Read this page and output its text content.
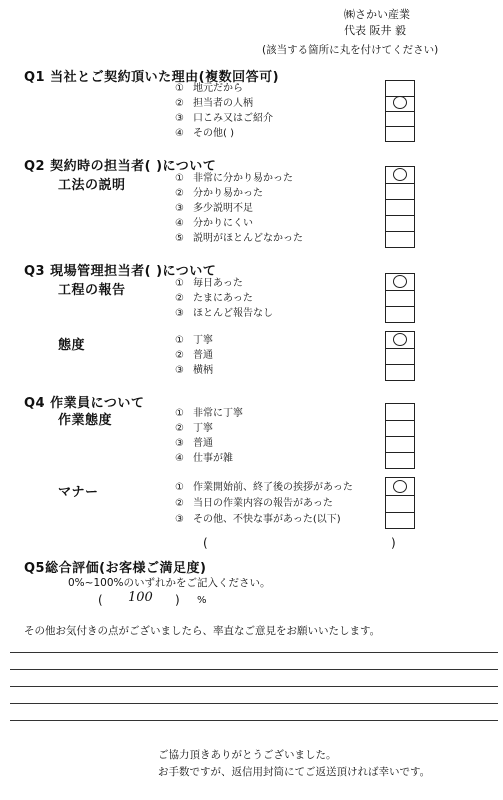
㈱さかい産業
代表 阪井 毅
(該当する箇所に丸を付けてください)
Q1 当社とご契約頂いた理由(複数回答可)
① 地元だから
② 担当者の人柄
③ 口こみ又はご紹介
④ その他( )
Q2 契約時の担当者( )について
工法の説明	① 非常に分かり易かった
② 分かり易かった
③ 多少説明不足
④ 分かりにくい
⑤ 説明がほとんどなかった
Q3 現場管理担当者( )について
工程の報告	① 毎日あった
② たまにあった
③ ほとんど報告なし
態度	① 丁寧
② 普通
③ 横柄
Q4 作業員について
作業態度	① 非常に丁寧
② 丁寧
③ 普通
④ 仕事が雑
マナー	① 作業開始前、終了後の挨拶があった
② 当日の作業内容の報告があった
③ その他、不快な事があった(以下)
(	)
Q5総合評価(お客様ご満足度)
0%~100%のいずれかをご記入ください。
( 100 ) %
その他お気付きの点がございましたら、率直なご意見をお願いいたします。
ご協力頂きありがとうございました。
お手数ですが、返信用封筒にてご返送頂ければ幸いです。
